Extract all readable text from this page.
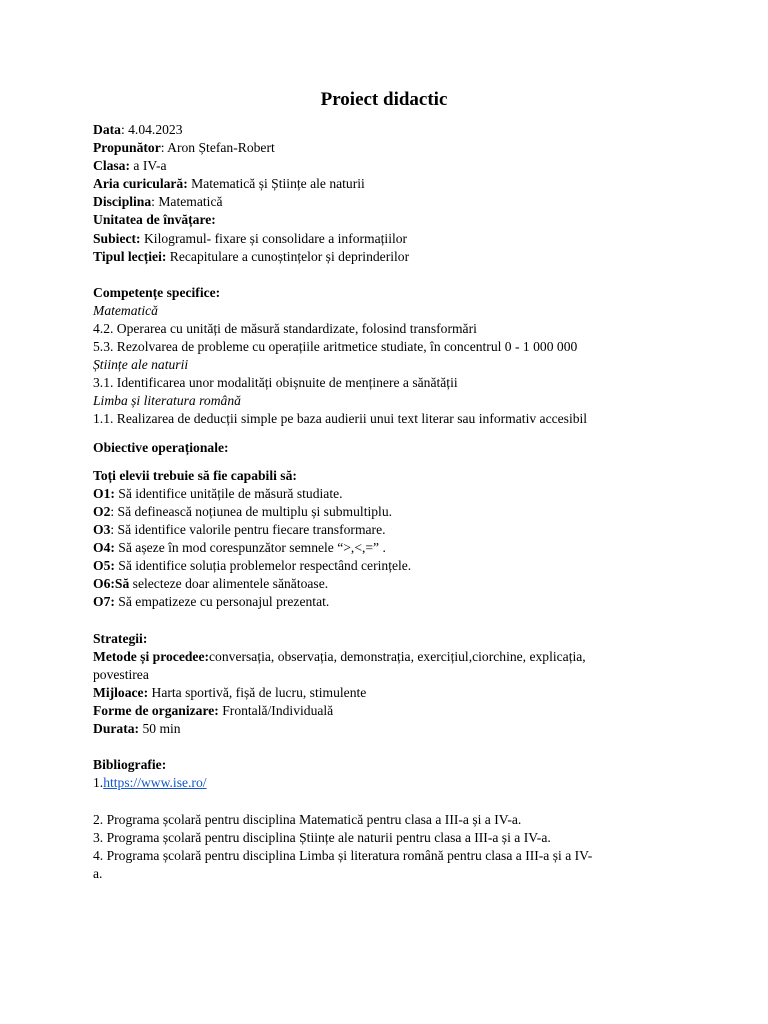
Proiect didactic
Data: 4.04.2023
Propunător: Aron Ștefan-Robert
Clasa: a IV-a
Aria curiculară: Matematică și Științe ale naturii
Disciplina: Matematică
Unitatea de învățare:
Subiect: Kilogramul- fixare și consolidare a informațiilor
Tipul lecției: Recapitulare a cunoștințelor și deprinderilor
Competențe specifice:
Matematică
4.2. Operarea cu unități de măsură standardizate, folosind transformări
5.3. Rezolvarea de probleme cu operațiile aritmetice studiate, în concentrul 0 - 1 000 000
Științe ale naturii
3.1. Identificarea unor modalități obișnuite de menținere a sănătății
Limba și literatura română
1.1. Realizarea de deducții simple pe baza audierii unui text literar sau informativ accesibil
Obiective operaționale:
Toți elevii trebuie să fie capabili să:
O1: Să identifice unitățile de măsură studiate.
O2: Să definească noțiunea de multiplu și submultiplu.
O3: Să identifice valorile pentru fiecare transformare.
O4: Să așeze în mod corespunzător semnele “>,<,=” .
O5: Să identifice soluția problemelor respectând cerințele.
O6:Să selecteze doar alimentele sănătoase.
O7: Să empatizeze cu personajul prezentat.
Strategii:
Metode și procedee:conversația, observația, demonstrația, exercițiul,ciorchine, explicația,
povestirea
Mijloace: Harta sportivă, fișă de lucru, stimulente
Forme de organizare: Frontală/Individuală
Durata: 50 min
Bibliografie:
1.https://www.ise.ro/
2. Programa școlară pentru disciplina Matematică pentru clasa a III-a și a IV-a.
3. Programa școlară pentru disciplina Științe ale naturii pentru clasa a III-a și a IV-a.
4. Programa școlară pentru disciplina Limba și literatura română pentru clasa a III-a și a IV-
a.
